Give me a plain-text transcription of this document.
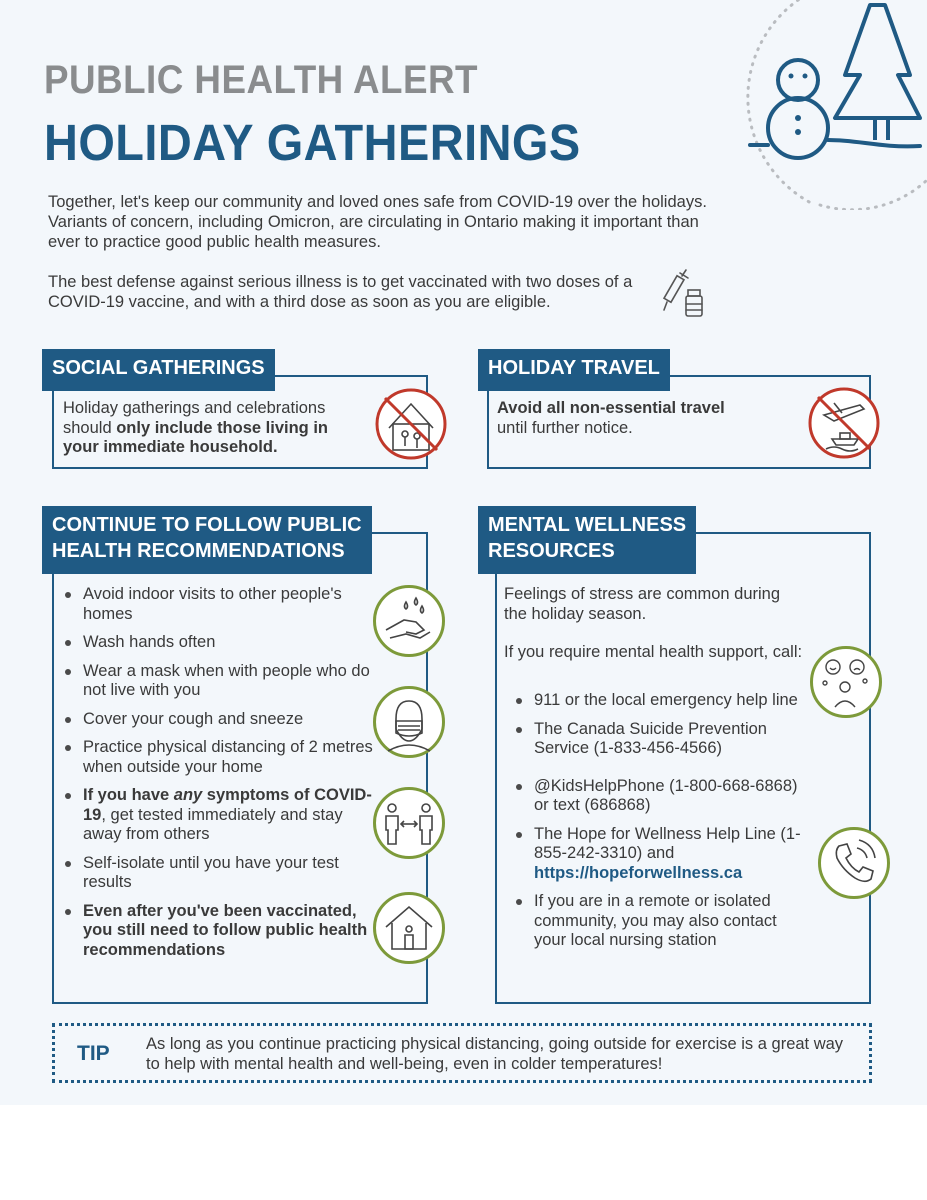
PUBLIC HEALTH ALERT
HOLIDAY GATHERINGS
Together, let's keep our community and loved ones safe from COVID-19 over the holidays. Variants of concern, including Omicron, are circulating in Ontario making it important than ever to practice good public health measures.
The best defense against serious illness is to get vaccinated with two doses of a COVID-19 vaccine, and with a third dose as soon as you are eligible.
SOCIAL GATHERINGS
Holiday gatherings and celebrations should only include those living in your immediate household.
HOLIDAY TRAVEL
Avoid all non-essential travel
until further notice.
CONTINUE TO FOLLOW PUBLIC
HEALTH RECOMMENDATIONS
Avoid indoor visits to other people's homes
Wash hands often
Wear a mask when with people who do not live with you
Cover your cough and sneeze
Practice physical distancing of 2 metres when outside your home
If you have any symptoms of COVID-19, get tested immediately and stay away from others
Self-isolate until you have your test results
Even after you've been vaccinated, you still need to follow public health recommendations
MENTAL WELLNESS
RESOURCES
Feelings of stress are common during the holiday season.
If you require mental health support, call:
911 or the local emergency help line
The Canada Suicide Prevention Service (1-833-456-4566)
@KidsHelpPhone (1-800-668-6868) or text (686868)
The Hope for Wellness Help Line (1-855-242-3310) and
https://hopeforwellness.ca
If you are in a remote or isolated community, you may also contact your local nursing station
TIP As long as you continue practicing physical distancing, going outside for exercise is a great way to help with mental health and well-being, even in colder temperatures!
